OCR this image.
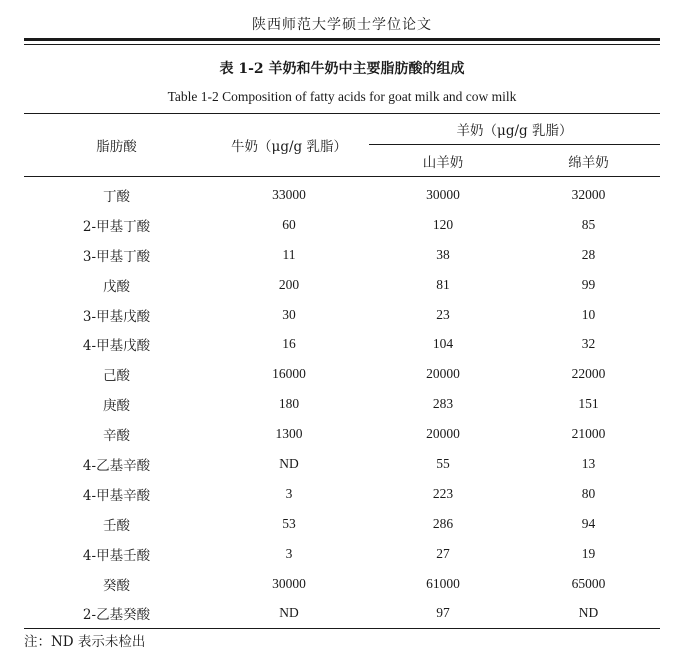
陕西师范大学硕士学位论文
表 1-2 羊奶和牛奶中主要脂肪酸的组成
Table 1-2 Composition of fatty acids for goat milk and cow milk
脂肪酸	牛奶（μg/g 乳脂）	羊奶（μg/g 乳脂）	
		山羊奶	绵羊奶
丁酸	33000	30000	32000
2-甲基丁酸	60	120	85
3-甲基丁酸	11	38	28
戊酸	200	81	99
3-甲基戊酸	30	23	10
4-甲基戊酸	16	104	32
己酸	16000	20000	22000
庚酸	180	283	151
辛酸	1300	20000	21000
4-乙基辛酸	ND	55	13
4-甲基辛酸	3	223	80
壬酸	53	286	94
4-甲基壬酸	3	27	19
癸酸	30000	61000	65000
2-乙基癸酸	ND	97	ND
注：ND 表示未检出
